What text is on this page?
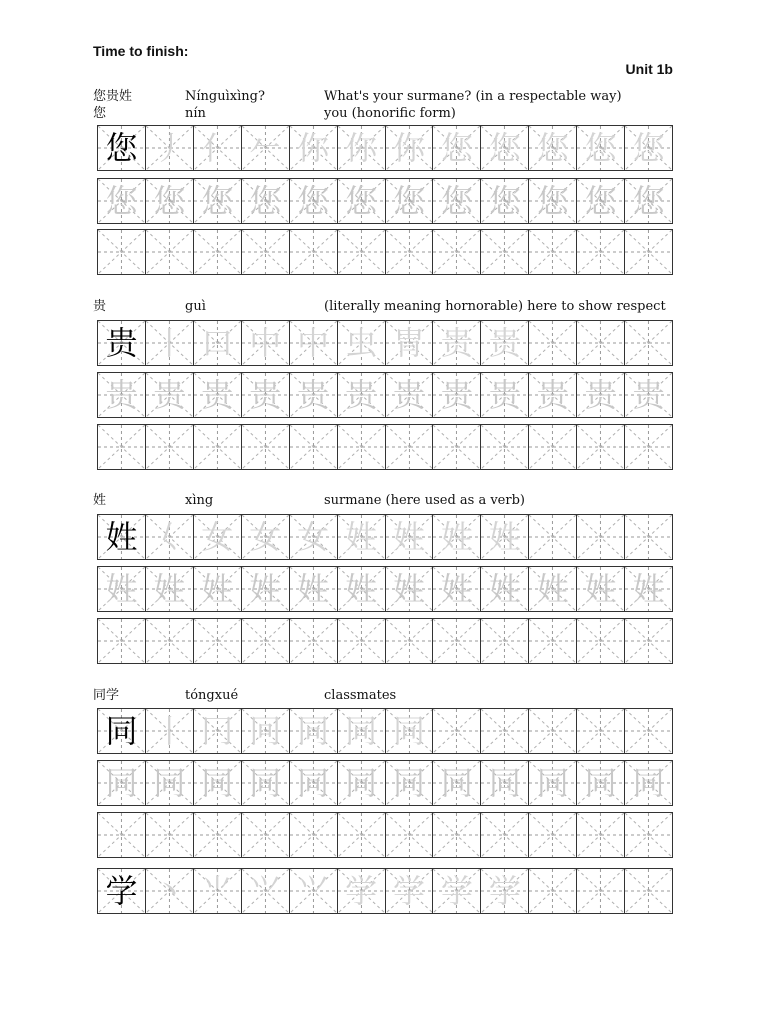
Time to finish:
Unit 1b
您贵姓	Nínguìxìng?	What's your surmane? (in a respectable way)
您	nín	you (honorific form)
贵	guì	(literally meaning hornorable) here to show respect
姓	xìng	surmane (here used as a verb)
同学	tóngxué	classmates
您 丿 亻 𠂉 你 你 你 您 您 您 您 您
您 您 您 您 您 您 您 您 您 您 您 您
贵 丨 口 中 中 虫 冑 贵 贵
贵 贵 贵 贵 贵 贵 贵 贵 贵 贵 贵 贵
姓 𡿨 女 女 女 姓 姓 姓 姓
姓 姓 姓 姓 姓 姓 姓 姓 姓 姓 姓 姓
同 丨 冂 冋 同 同 同
同 同 同 同 同 同 同 同 同 同 同 同
学 丶 ⺌ ⺍ ⺍ 学 学 学 学
